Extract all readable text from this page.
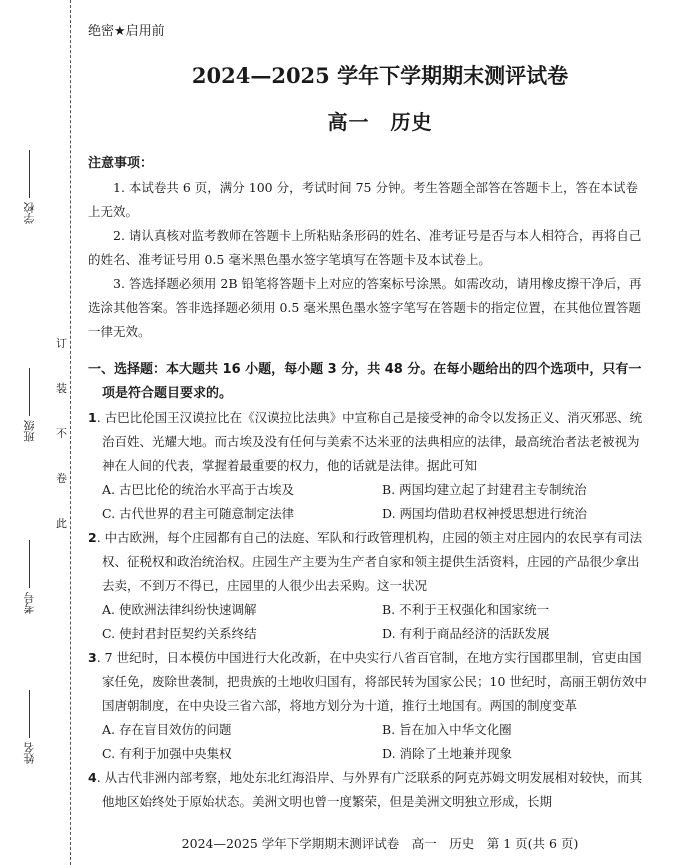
学校
班级
考号
姓名
订
装
不
卷
此
绝密★启用前
2024—2025 学年下学期期末测评试卷
高一　历史
注意事项：

1. 本试卷共 6 页，满分 100 分，考试时间 75 分钟。考生答题全部答在答题卡上，答在本试卷上无效。

2. 请认真核对监考教师在答题卡上所粘贴条形码的姓名、准考证号是否与本人相符合，再将自己的姓名、准考证号用 0.5 毫米黑色墨水签字笔填写在答题卡及本试卷上。

3. 答选择题必须用 2B 铅笔将答题卡上对应的答案标号涂黑。如需改动，请用橡皮擦干净后，再选涂其他答案。答非选择题必须用 0.5 毫米黑色墨水签字笔写在答题卡的指定位置，在其他位置答题一律无效。

一、选择题：本大题共 16 小题，每小题 3 分，共 48 分。在每小题给出的四个选项中，只有一项是符合题目要求的。

1. 古巴比伦国王汉谟拉比在《汉谟拉比法典》中宣称自己是接受神的命令以发扬正义、消灭邪恶、统治百姓、光耀大地。而古埃及没有任何与美索不达米亚的法典相应的法律，最高统治者法老被视为神在人间的代表，掌握着最重要的权力，他的话就是法律。据此可知

A. 古巴比伦的统治水平高于古埃及	B. 两国均建立起了封建君主专制统治
C. 古代世界的君主可随意制定法律	D. 两国均借助君权神授思想进行统治

2. 中古欧洲，每个庄园都有自己的法庭、军队和行政管理机构，庄园的领主对庄园内的农民享有司法权、征税权和政治统治权。庄园生产主要为生产者自家和领主提供生活资料，庄园的产品很少拿出去卖，不到万不得已，庄园里的人很少出去采购。这一状况

A. 使欧洲法律纠纷快速调解	B. 不利于王权强化和国家统一
C. 使封君封臣契约关系终结	D. 有利于商品经济的活跃发展

3. 7 世纪时，日本模仿中国进行大化改新，在中央实行八省百官制，在地方实行国郡里制，官吏由国家任免，废除世袭制，把贵族的土地收归国有，将部民转为国家公民；10 世纪时，高丽王朝仿效中国唐朝制度，在中央设三省六部，将地方划分为十道，推行土地国有。两国的制度变革

A. 存在盲目效仿的问题	B. 旨在加入中华文化圈
C. 有利于加强中央集权	D. 消除了土地兼并现象

4. 从古代非洲内部考察，地处东北红海沿岸、与外界有广泛联系的阿克苏姆文明发展相对较快，而其他地区始终处于原始状态。美洲文明也曾一度繁荣，但是美洲文明独立形成，长期

2024—2025 学年下学期期末测评试卷　高一　历史　第 1 页(共 6 页)
